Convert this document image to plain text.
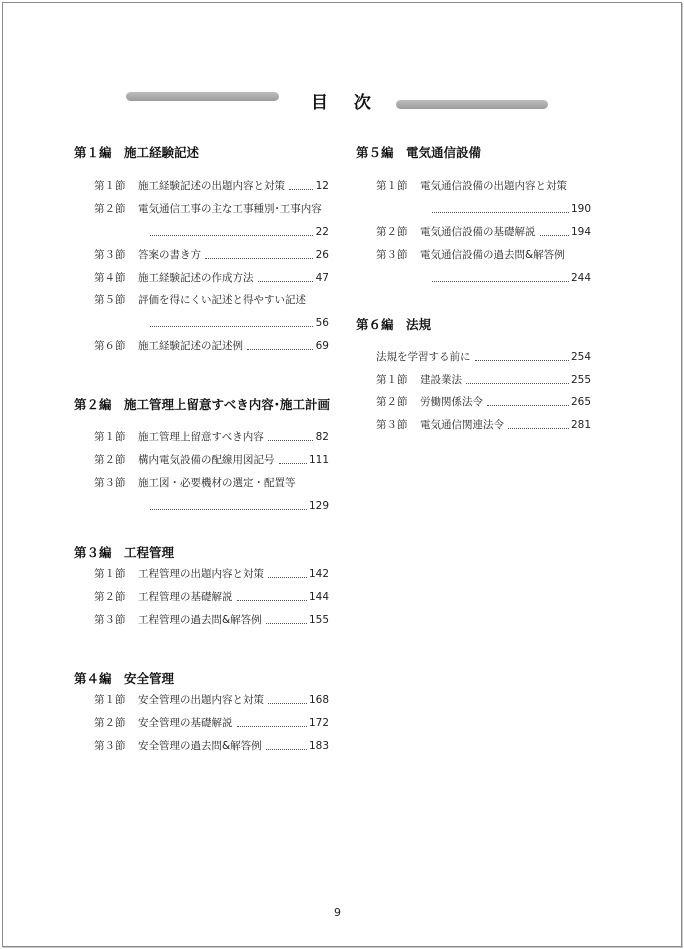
目 次
第１編　施工経験記述
第１節 施工経験記述の出題内容と対策	12
第２節 電気通信工事の主な工事種別･工事内容
22
第３節 答案の書き方	26
第４節 施工経験記述の作成方法	47
第５節 評価を得にくい記述と得やすい記述
56
第６節 施工経験記述の記述例	69
第２編　施工管理上留意すべき内容･施工計画
第１節 施工管理上留意すべき内容	82
第２節 構内電気設備の配線用図記号	111
第３節 施工図・必要機材の選定・配置等
129
第３編　工程管理
第１節 工程管理の出題内容と対策	142
第２節 工程管理の基礎解説	144
第３節 工程管理の過去問&解答例	155
第４編　安全管理
第１節 安全管理の出題内容と対策	168
第２節 安全管理の基礎解説	172
第３節 安全管理の過去問&解答例	183
第５編　電気通信設備
第１節 電気通信設備の出題内容と対策
190
第２節 電気通信設備の基礎解説	194
第３節 電気通信設備の過去問&解答例
244
第６編　法規
法規を学習する前に	254
第１節 建設業法	255
第２節 労働関係法令	265
第３節 電気通信関連法令	281
9
